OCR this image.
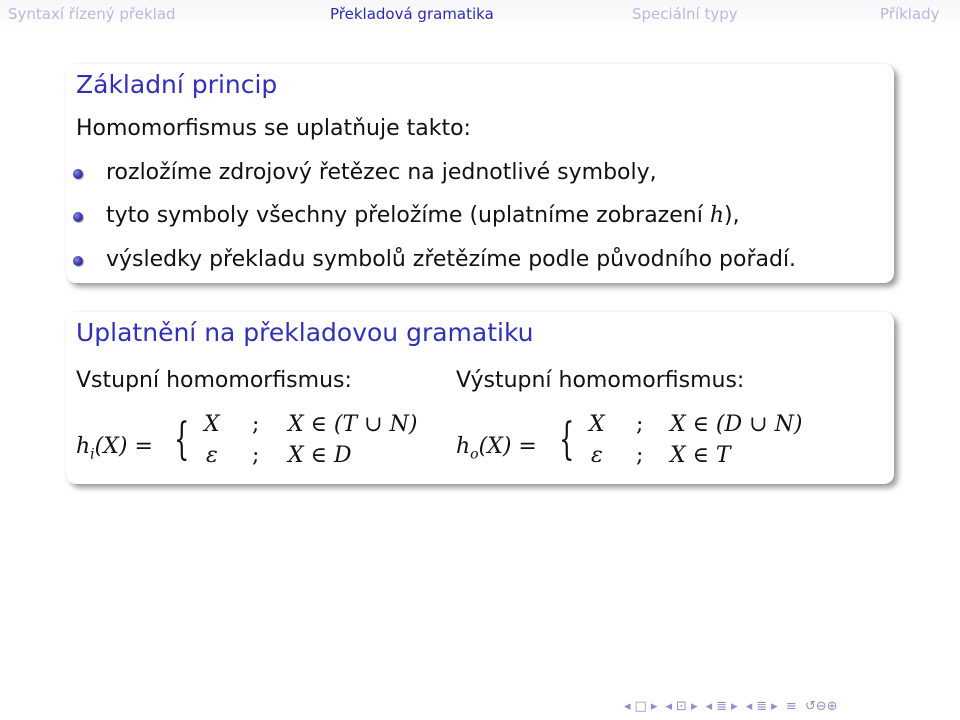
Syntaxí řízený překlad	Překladová gramatika	Speciální typy	Příklady
Základní princip
Homomorfismus se uplatňuje takto:
rozložíme zdrojový řetězec na jednotlivé symboly,
tyto symboly všechny přeložíme (uplatníme zobrazení h),
výsledky překladu symbolů zřetězíme podle původního pořadí.
Uplatnění na překladovou gramatiku
Vstupní homomorfismus:	Výstupní homomorfismus:
$h_i(X)$ = { X ; X ∈ (T ∪ N)
ε ; X ∈ D	$h_o(X)$ = { X ; X ∈ (D ∪ N)
ε ; X ∈ T
◂ □ ▸ ◂ ⊡ ▸ ◂ ≣ ▸ ◂ ≣ ▸ ≡ ↺⊖⊕
